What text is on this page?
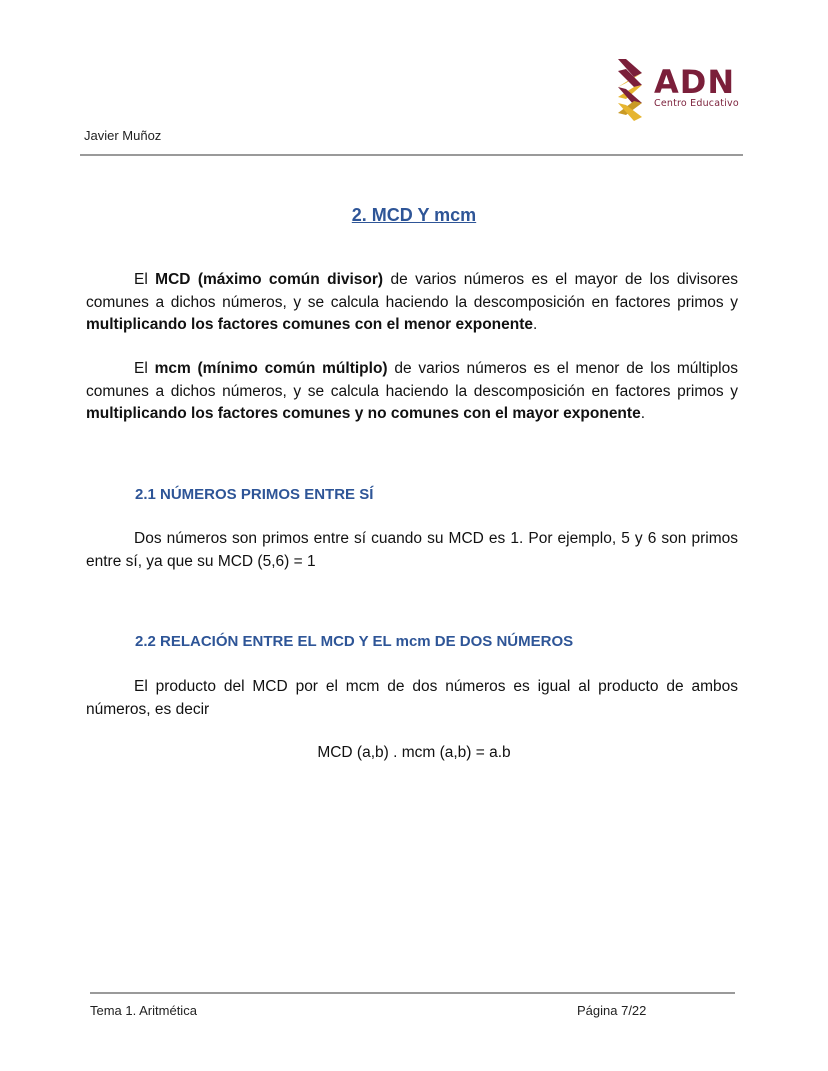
ADN
Centro Educativo
Javier Muñoz
2. MCD Y mcm
El MCD (máximo común divisor) de varios números es el mayor de los divisores comunes a dichos números, y se calcula haciendo la descomposición en factores primos y multiplicando los factores comunes con el menor exponente.
El mcm (mínimo común múltiplo) de varios números es el menor de los múltiplos comunes a dichos números, y se calcula haciendo la descomposición en factores primos y multiplicando los factores comunes y no comunes con el mayor exponente.
2.1 NÚMEROS PRIMOS ENTRE SÍ
Dos números son primos entre sí cuando su MCD es 1. Por ejemplo, 5 y 6 son primos entre sí, ya que su MCD (5,6) = 1
2.2 RELACIÓN ENTRE EL MCD Y EL mcm DE DOS NÚMEROS
El producto del MCD por el mcm de dos números es igual al producto de ambos números, es decir
MCD (a,b) . mcm (a,b) = a.b
Tema 1. Aritmética	Página 7/22
